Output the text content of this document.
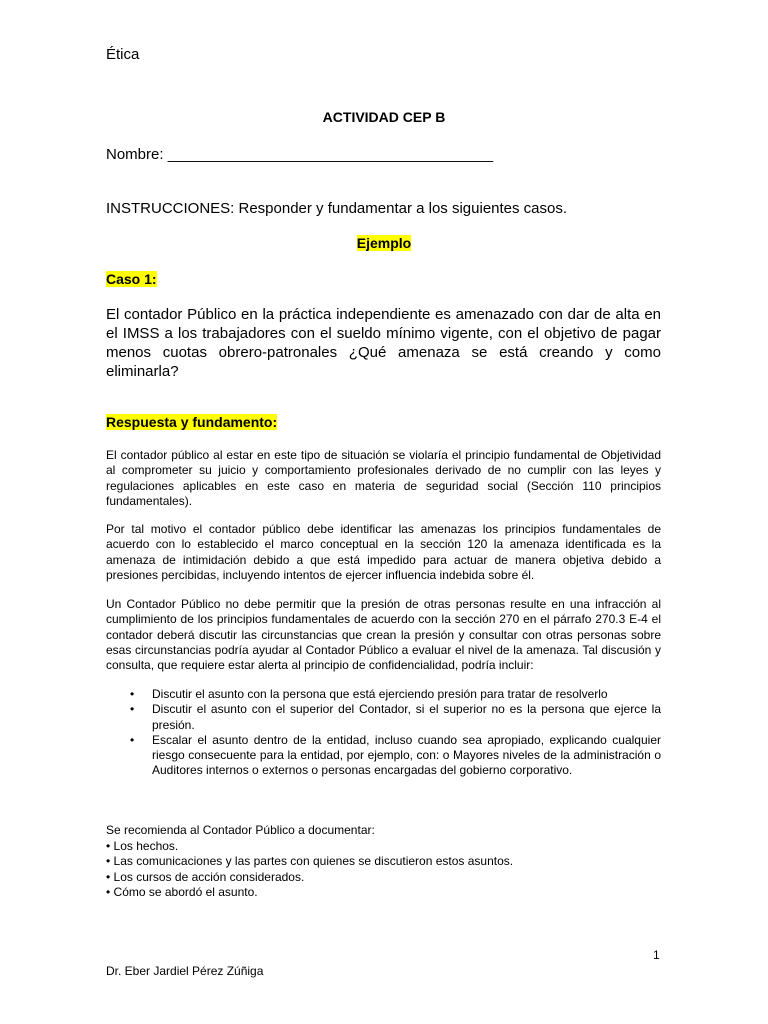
Ética
ACTIVIDAD CEP B
Nombre: _______________________________________
INSTRUCCIONES: Responder y fundamentar a los siguientes casos.
Ejemplo
Caso 1:
El contador Público en la práctica independiente es amenazado con dar de alta en el IMSS a los trabajadores con el sueldo mínimo vigente, con el objetivo de pagar menos cuotas obrero-patronales ¿Qué amenaza se está creando y como eliminarla?
Respuesta y fundamento:
El contador público al estar en este tipo de situación se violaría el principio fundamental de Objetividad al comprometer su juicio y comportamiento profesionales derivado de no cumplir con las leyes y regulaciones aplicables en este caso en materia de seguridad social (Sección 110 principios fundamentales).
Por tal motivo el contador público debe identificar las amenazas los principios fundamentales de acuerdo con lo establecido el marco conceptual en la sección 120 la amenaza identificada es la amenaza de intimidación debido a que está impedido para actuar de manera objetiva debido a presiones percibidas, incluyendo intentos de ejercer influencia indebida sobre él.
Un Contador Público no debe permitir que la presión de otras personas resulte en una infracción al cumplimiento de los principios fundamentales de acuerdo con la sección 270 en el párrafo 270.3 E-4 el contador deberá discutir las circunstancias que crean la presión y consultar con otras personas sobre esas circunstancias podría ayudar al Contador Público a evaluar el nivel de la amenaza. Tal discusión y consulta, que requiere estar alerta al principio de confidencialidad, podría incluir:
• Discutir el asunto con la persona que está ejerciendo presión para tratar de resolverlo
• Discutir el asunto con el superior del Contador, si el superior no es la persona que ejerce la presión.
• Escalar el asunto dentro de la entidad, incluso cuando sea apropiado, explicando cualquier riesgo consecuente para la entidad, por ejemplo, con: o Mayores niveles de la administración o Auditores internos o externos o personas encargadas del gobierno corporativo.
Se recomienda al Contador Público a documentar:
• Los hechos.
• Las comunicaciones y las partes con quienes se discutieron estos asuntos.
• Los cursos de acción considerados.
• Cómo se abordó el asunto.
1
Dr. Eber Jardiel Pérez Zúñiga
